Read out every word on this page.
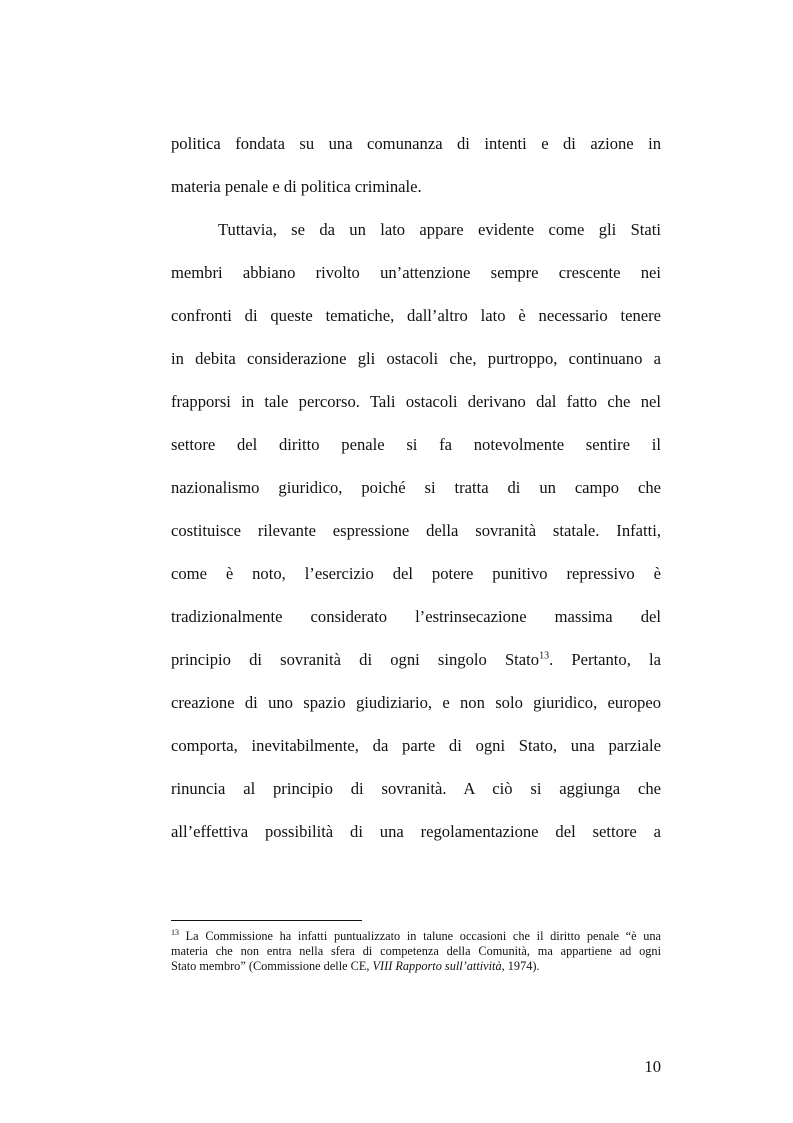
politica fondata su una comunanza di intenti e di azione in
materia penale e di politica criminale.
Tuttavia, se da un lato appare evidente come gli Stati
membri abbiano rivolto un’attenzione sempre crescente nei
confronti di queste tematiche, dall’altro lato è necessario tenere
in debita considerazione gli ostacoli che, purtroppo, continuano a
frapporsi in tale percorso. Tali ostacoli derivano dal fatto che nel
settore del diritto penale si fa notevolmente sentire il
nazionalismo giuridico, poiché si tratta di un campo che
costituisce rilevante espressione della sovranità statale. Infatti,
come è noto, l’esercizio del potere punitivo repressivo è
tradizionalmente considerato l’estrinsecazione massima del
principio di sovranità di ogni singolo Stato$^{13}$. Pertanto, la
creazione di uno spazio giudiziario, e non solo giuridico, europeo
comporta, inevitabilmente, da parte di ogni Stato, una parziale
rinuncia al principio di sovranità. A ciò si aggiunga che
all’effettiva possibilità di una regolamentazione del settore a
$^{13}$ La Commissione ha infatti puntualizzato in talune occasioni che il diritto penale “è una
materia che non entra nella sfera di competenza della Comunità, ma appartiene ad ogni
Stato membro” (Commissione delle CE, VIII Rapporto sull’attività, 1974).
10
